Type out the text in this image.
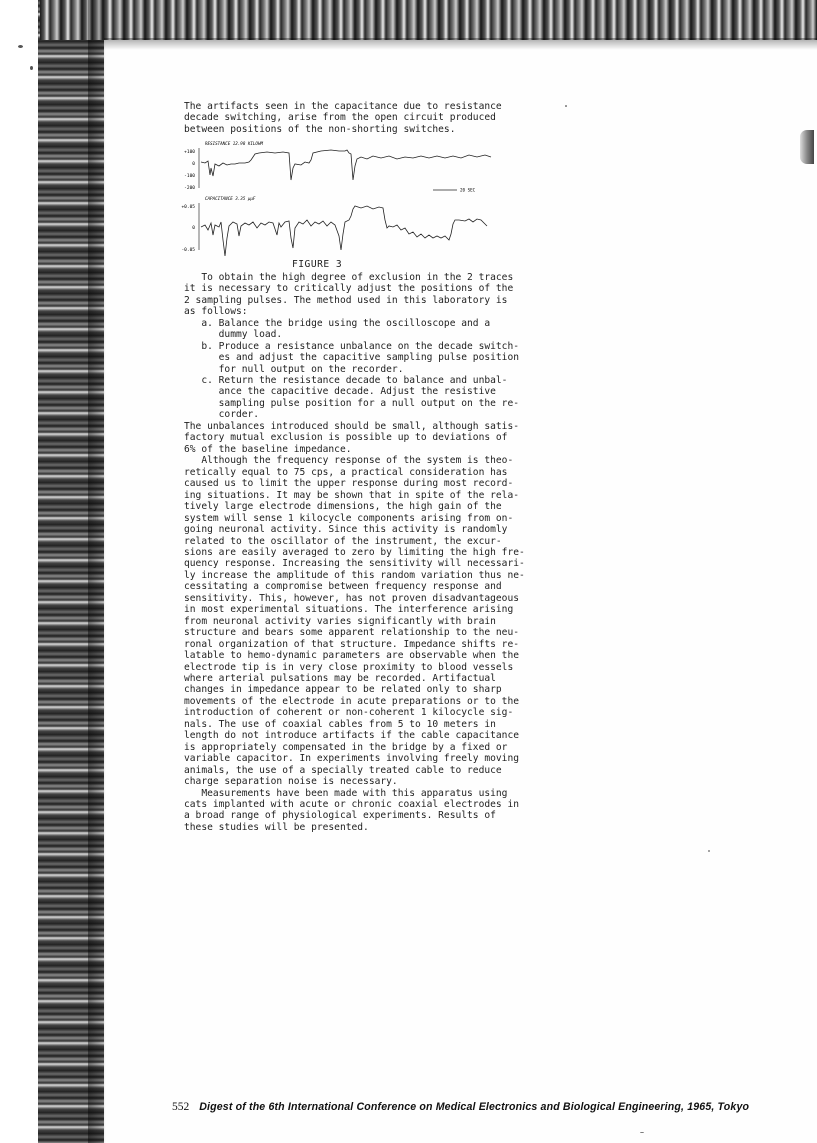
The artifacts seen in the capacitance due to resistance
decade switching, arise from the open circuit produced
between positions of the non-shorting switches.
RESISTANCE 12.98 KILOHM
+100
0
-100
-200	20 SEC
CAPACITANCE 3.35 µµF
+0.05
0
-0.05
FIGURE 3
To obtain the high degree of exclusion in the 2 traces
it is necessary to critically adjust the positions of the
2 sampling pulses. The method used in this laboratory is
as follows:
a. Balance the bridge using the oscilloscope and a
dummy load.
b. Produce a resistance unbalance on the decade switch-
es and adjust the capacitive sampling pulse position
for null output on the recorder.
c. Return the resistance decade to balance and unbal-
ance the capacitive decade. Adjust the resistive
sampling pulse position for a null output on the re-
corder.
The unbalances introduced should be small, although satis-
factory mutual exclusion is possible up to deviations of
6% of the baseline impedance.
Although the frequency response of the system is theo-
retically equal to 75 cps, a practical consideration has
caused us to limit the upper response during most record-
ing situations. It may be shown that in spite of the rela-
tively large electrode dimensions, the high gain of the
system will sense 1 kilocycle components arising from on-
going neuronal activity. Since this activity is randomly
related to the oscillator of the instrument, the excur-
sions are easily averaged to zero by limiting the high fre-
quency response. Increasing the sensitivity will necessari-
ly increase the amplitude of this random variation thus ne-
cessitating a compromise between frequency response and
sensitivity. This, however, has not proven disadvantageous
in most experimental situations. The interference arising
from neuronal activity varies significantly with brain
structure and bears some apparent relationship to the neu-
ronal organization of that structure. Impedance shifts re-
latable to hemo-dynamic parameters are observable when the
electrode tip is in very close proximity to blood vessels
where arterial pulsations may be recorded. Artifactual
changes in impedance appear to be related only to sharp
movements of the electrode in acute preparations or to the
introduction of coherent or non-coherent 1 kilocycle sig-
nals. The use of coaxial cables from 5 to 10 meters in
length do not introduce artifacts if the cable capacitance
is appropriately compensated in the bridge by a fixed or
variable capacitor. In experiments involving freely moving
animals, the use of a specially treated cable to reduce
charge separation noise is necessary.
Measurements have been made with this apparatus using
cats implanted with acute or chronic coaxial electrodes in
a broad range of physiological experiments. Results of
these studies will be presented.
552 Digest of the 6th International Conference on Medical Electronics and Biological Engineering, 1965, Tokyo
